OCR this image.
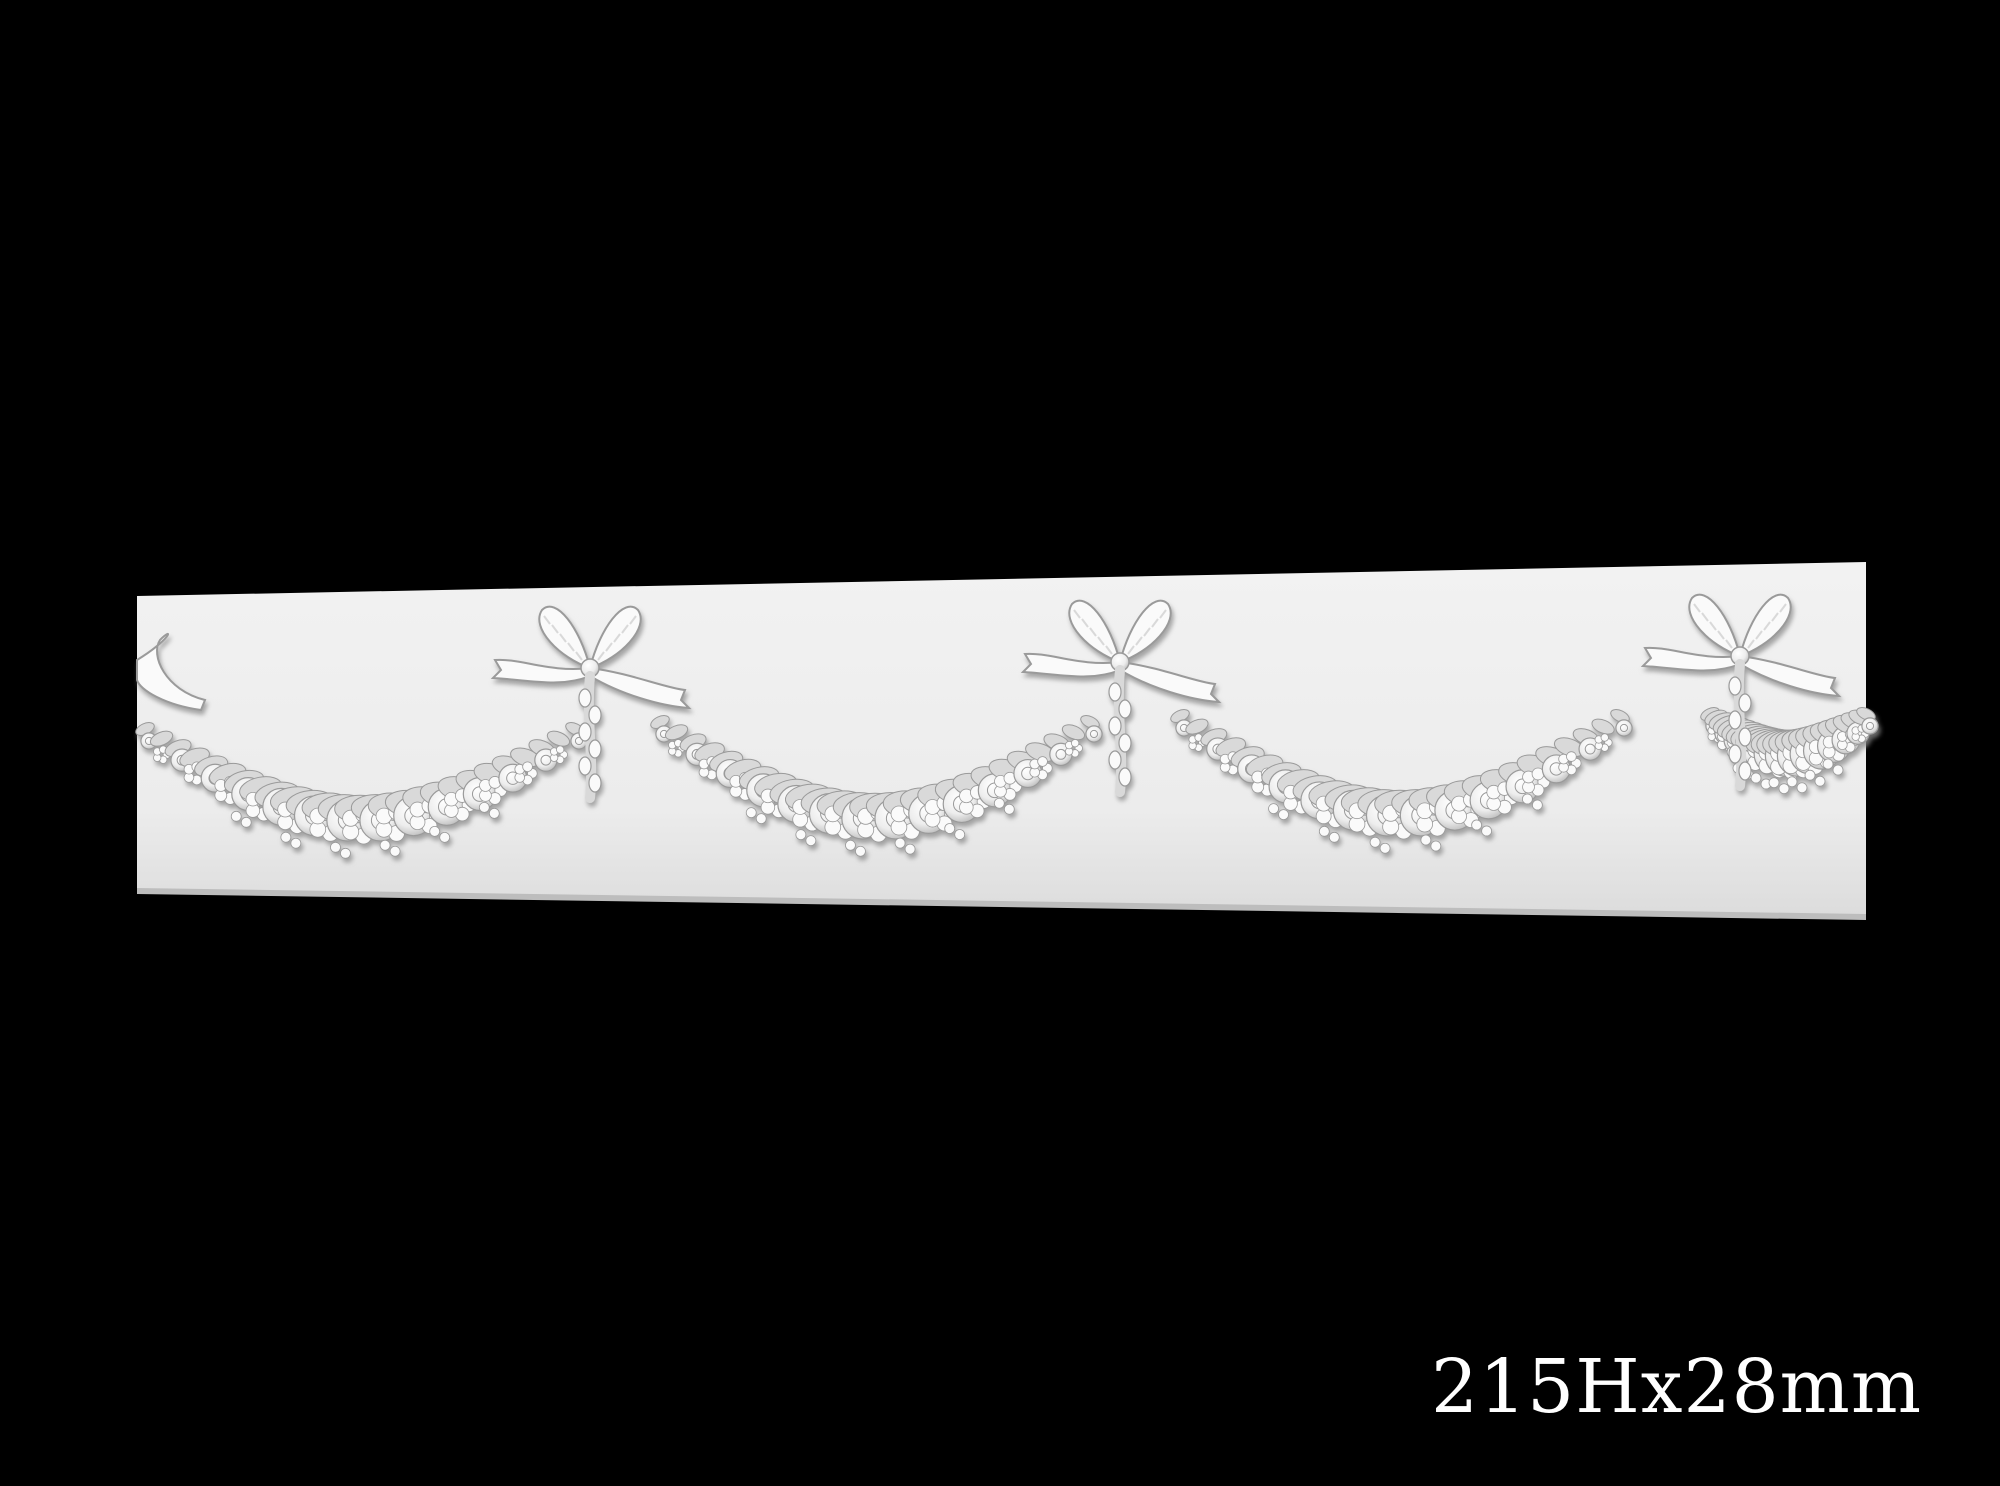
215Hx28mm
